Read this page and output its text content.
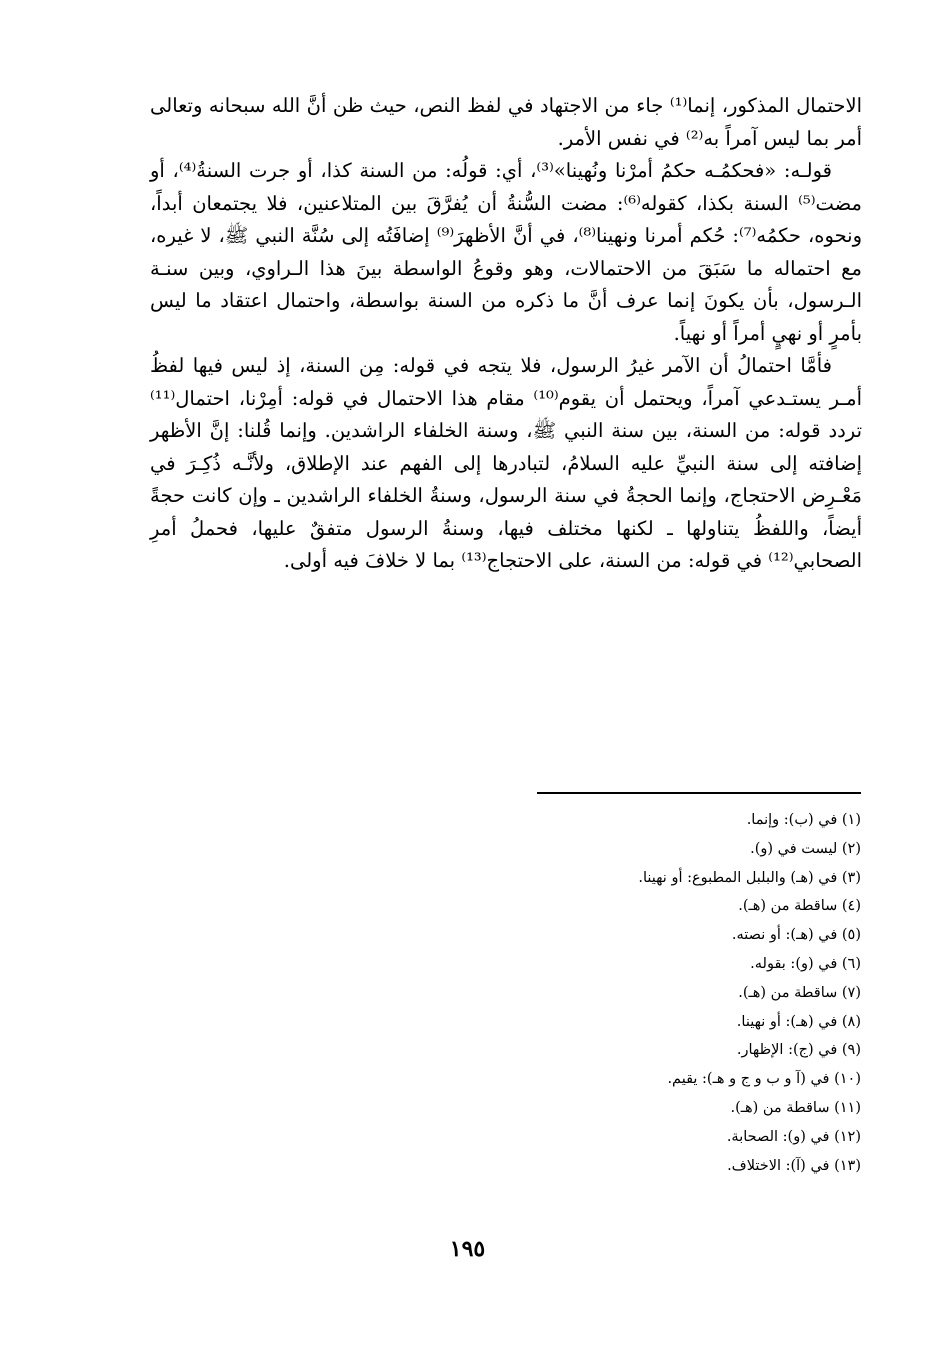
الاحتمال المذكور، إنما⁽¹⁾ جاء من الاجتهاد في لفظ النص، حيث ظن أنَّ الله سبحانه وتعالى أمر بما ليس آمراً به⁽²⁾ في نفس الأمر.

قولـه: «فحكمُـه حكمُ أمرْنا ونُهينا»⁽³⁾، أي: قولُه: من السنة كذا، أو جرت السنةُ⁽⁴⁾، أو مضت⁽⁵⁾ السنة بكذا، كقوله⁽⁶⁾: مضت السُّنةُ أن يُفرَّقَ بين المتلاعنين، فلا يجتمعان أبداً، ونحوه، حكمُه⁽⁷⁾: حُكم أمرنا ونهينا⁽⁸⁾، في أنَّ الأظهرَ⁽⁹⁾ إضافَتُه إلى سُنَّة النبي ﷺ، لا غيره، مع احتماله ما سَبَقَ من الاحتمالات، وهو وقوعُ الواسطة بينَ هذا الـراوي، وبين سنـة الـرسول، بأن يكونَ إنما عرف أنَّ ما ذكره من السنة بواسطة، واحتمال اعتقاد ما ليس بأمرٍ أو نهيٍ أمراً أو نهياً.

فأمَّا احتمالُ أن الآمر غيرُ الرسول، فلا يتجه في قوله: مِن السنة، إذ ليس فيها لفظُ أمـر يستـدعي آمراً، ويحتمل أن يقوم⁽¹⁰⁾ مقام هذا الاحتمال في قوله: أمِرْنا، احتمال⁽¹¹⁾ تردد قوله: من السنة، بين سنة النبي ﷺ، وسنة الخلفاء الراشدين. وإنما قُلنا: إنَّ الأظهر إضافته إلى سنة النبيِّ عليه السلامُ، لتبادرها إلى الفهم عند الإطلاق، ولأنَّـه ذُكِـرَ في مَعْـرِض الاحتجاج، وإنما الحجةُ في سنة الرسول، وسنةُ الخلفاء الراشدين ـ وإن كانت حجةً أيضاً، واللفظُ يتناولها ـ لكنها مختلف فيها، وسنةُ الرسول متفقٌ عليها، فحملُ أمرِ الصحابي⁽¹²⁾ في قوله: من السنة، على الاحتجاج⁽¹³⁾ بما لا خلافَ فيه أولى.

(١) في (ب): وإنما.
(٢) ليست في (و).
(٣) في (هـ) والبلبل المطبوع: أو نهينا.
(٤) ساقطة من (هـ).
(٥) في (هـ): أو نصته.
(٦) في (و): بقوله.
(٧) ساقطة من (هـ).
(٨) في (هـ): أو نهينا.
(٩) في (ج): الإظهار.
(١٠) في (آ و ب و ج و هـ): يقيم.
(١١) ساقطة من (هـ).
(١٢) في (و): الصحابة.
(١٣) في (آ): الاختلاف.
١٩٥
